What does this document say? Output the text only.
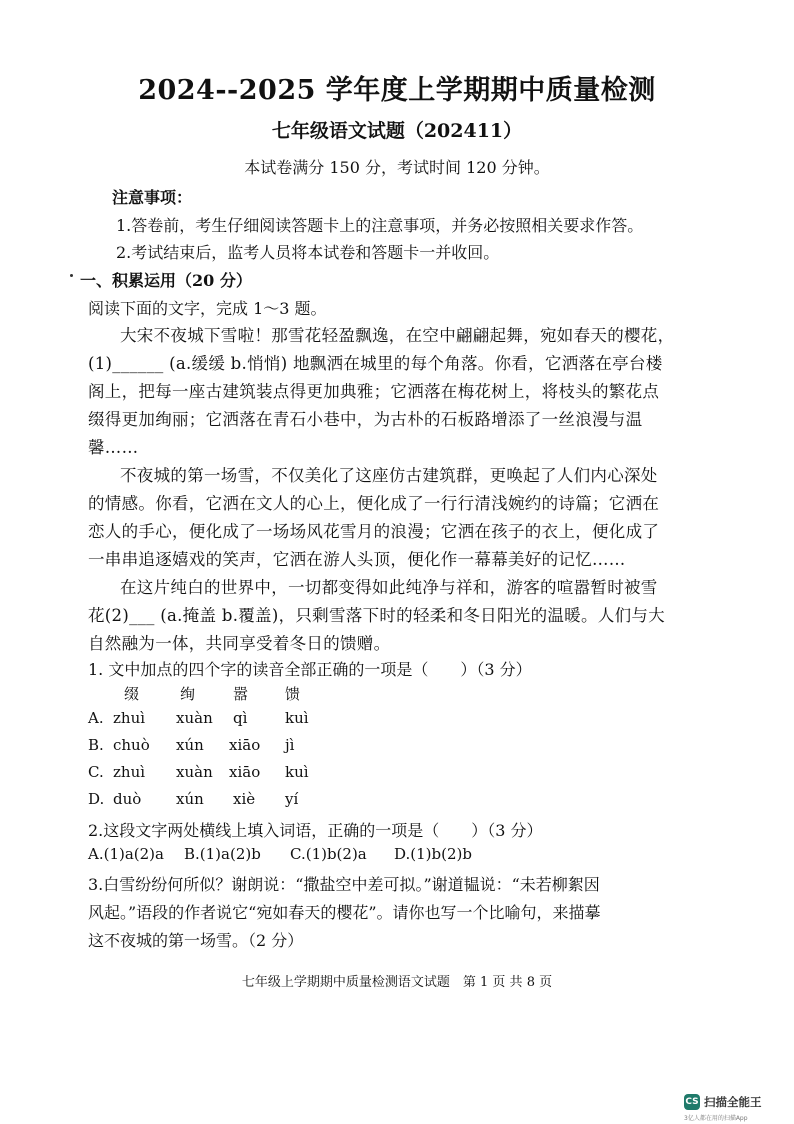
2024--2025 学年度上学期期中质量检测
七年级语文试题（202411）
本试卷满分 150 分，考试时间 120 分钟。
注意事项：
1.答卷前，考生仔细阅读答题卡上的注意事项，并务必按照相关要求作答。
2.考试结束后，监考人员将本试卷和答题卡一并收回。
一、积累运用（20 分）
阅读下面的文字，完成 1～3 题。
大宋不夜城下雪啦！那雪花轻盈飘逸，在空中翩翩起舞，宛如春天的樱花，
(1)______ (a.缓缓 b.悄悄) 地飘洒在城里的每个角落。你看，它洒落在亭台楼
阁上，把每一座古建筑装点得更加典雅；它洒落在梅花树上，将枝头的繁花点
缀得更加绚丽；它洒落在青石小巷中，为古朴的石板路增添了一丝浪漫与温
馨……
不夜城的第一场雪，不仅美化了这座仿古建筑群，更唤起了人们内心深处
的情感。你看，它洒在文人的心上，便化成了一行行清浅婉约的诗篇；它洒在
恋人的手心，便化成了一场场风花雪月的浪漫；它洒在孩子的衣上，便化成了
一串串追逐嬉戏的笑声，它洒在游人头顶，便化作一幕幕美好的记忆……
在这片纯白的世界中，一切都变得如此纯净与祥和，游客的喧嚣暂时被雪
花(2)___ (a.掩盖 b.覆盖)，只剩雪落下时的轻柔和冬日阳光的温暖。人们与大
自然融为一体，共同享受着冬日的馈赠。
1. 文中加点的四个字的读音全部正确的一项是（　　）（3 分）
缀	绚	嚣 馈
A. zhuì xuàn qì	kuì
B. chuò xún xiāo jì
C. zhuì xuàn xiāo kuì
D. duò xún xiè yí
2.这段文字两处横线上填入词语，正确的一项是（　　）（3 分）
A.(1)a(2)a B.(1)a(2)b C.(1)b(2)a D.(1)b(2)b
3.白雪纷纷何所似？谢朗说：“撒盐空中差可拟。”谢道韫说：“未若柳絮因
风起。”语段的作者说它“宛如春天的樱花”。请你也写一个比喻句，来描摹
这不夜城的第一场雪。（2 分）
七年级上学期期中质量检测语文试题　第 1 页 共 8 页
CS 扫描全能王
3亿人都在用的扫描App
